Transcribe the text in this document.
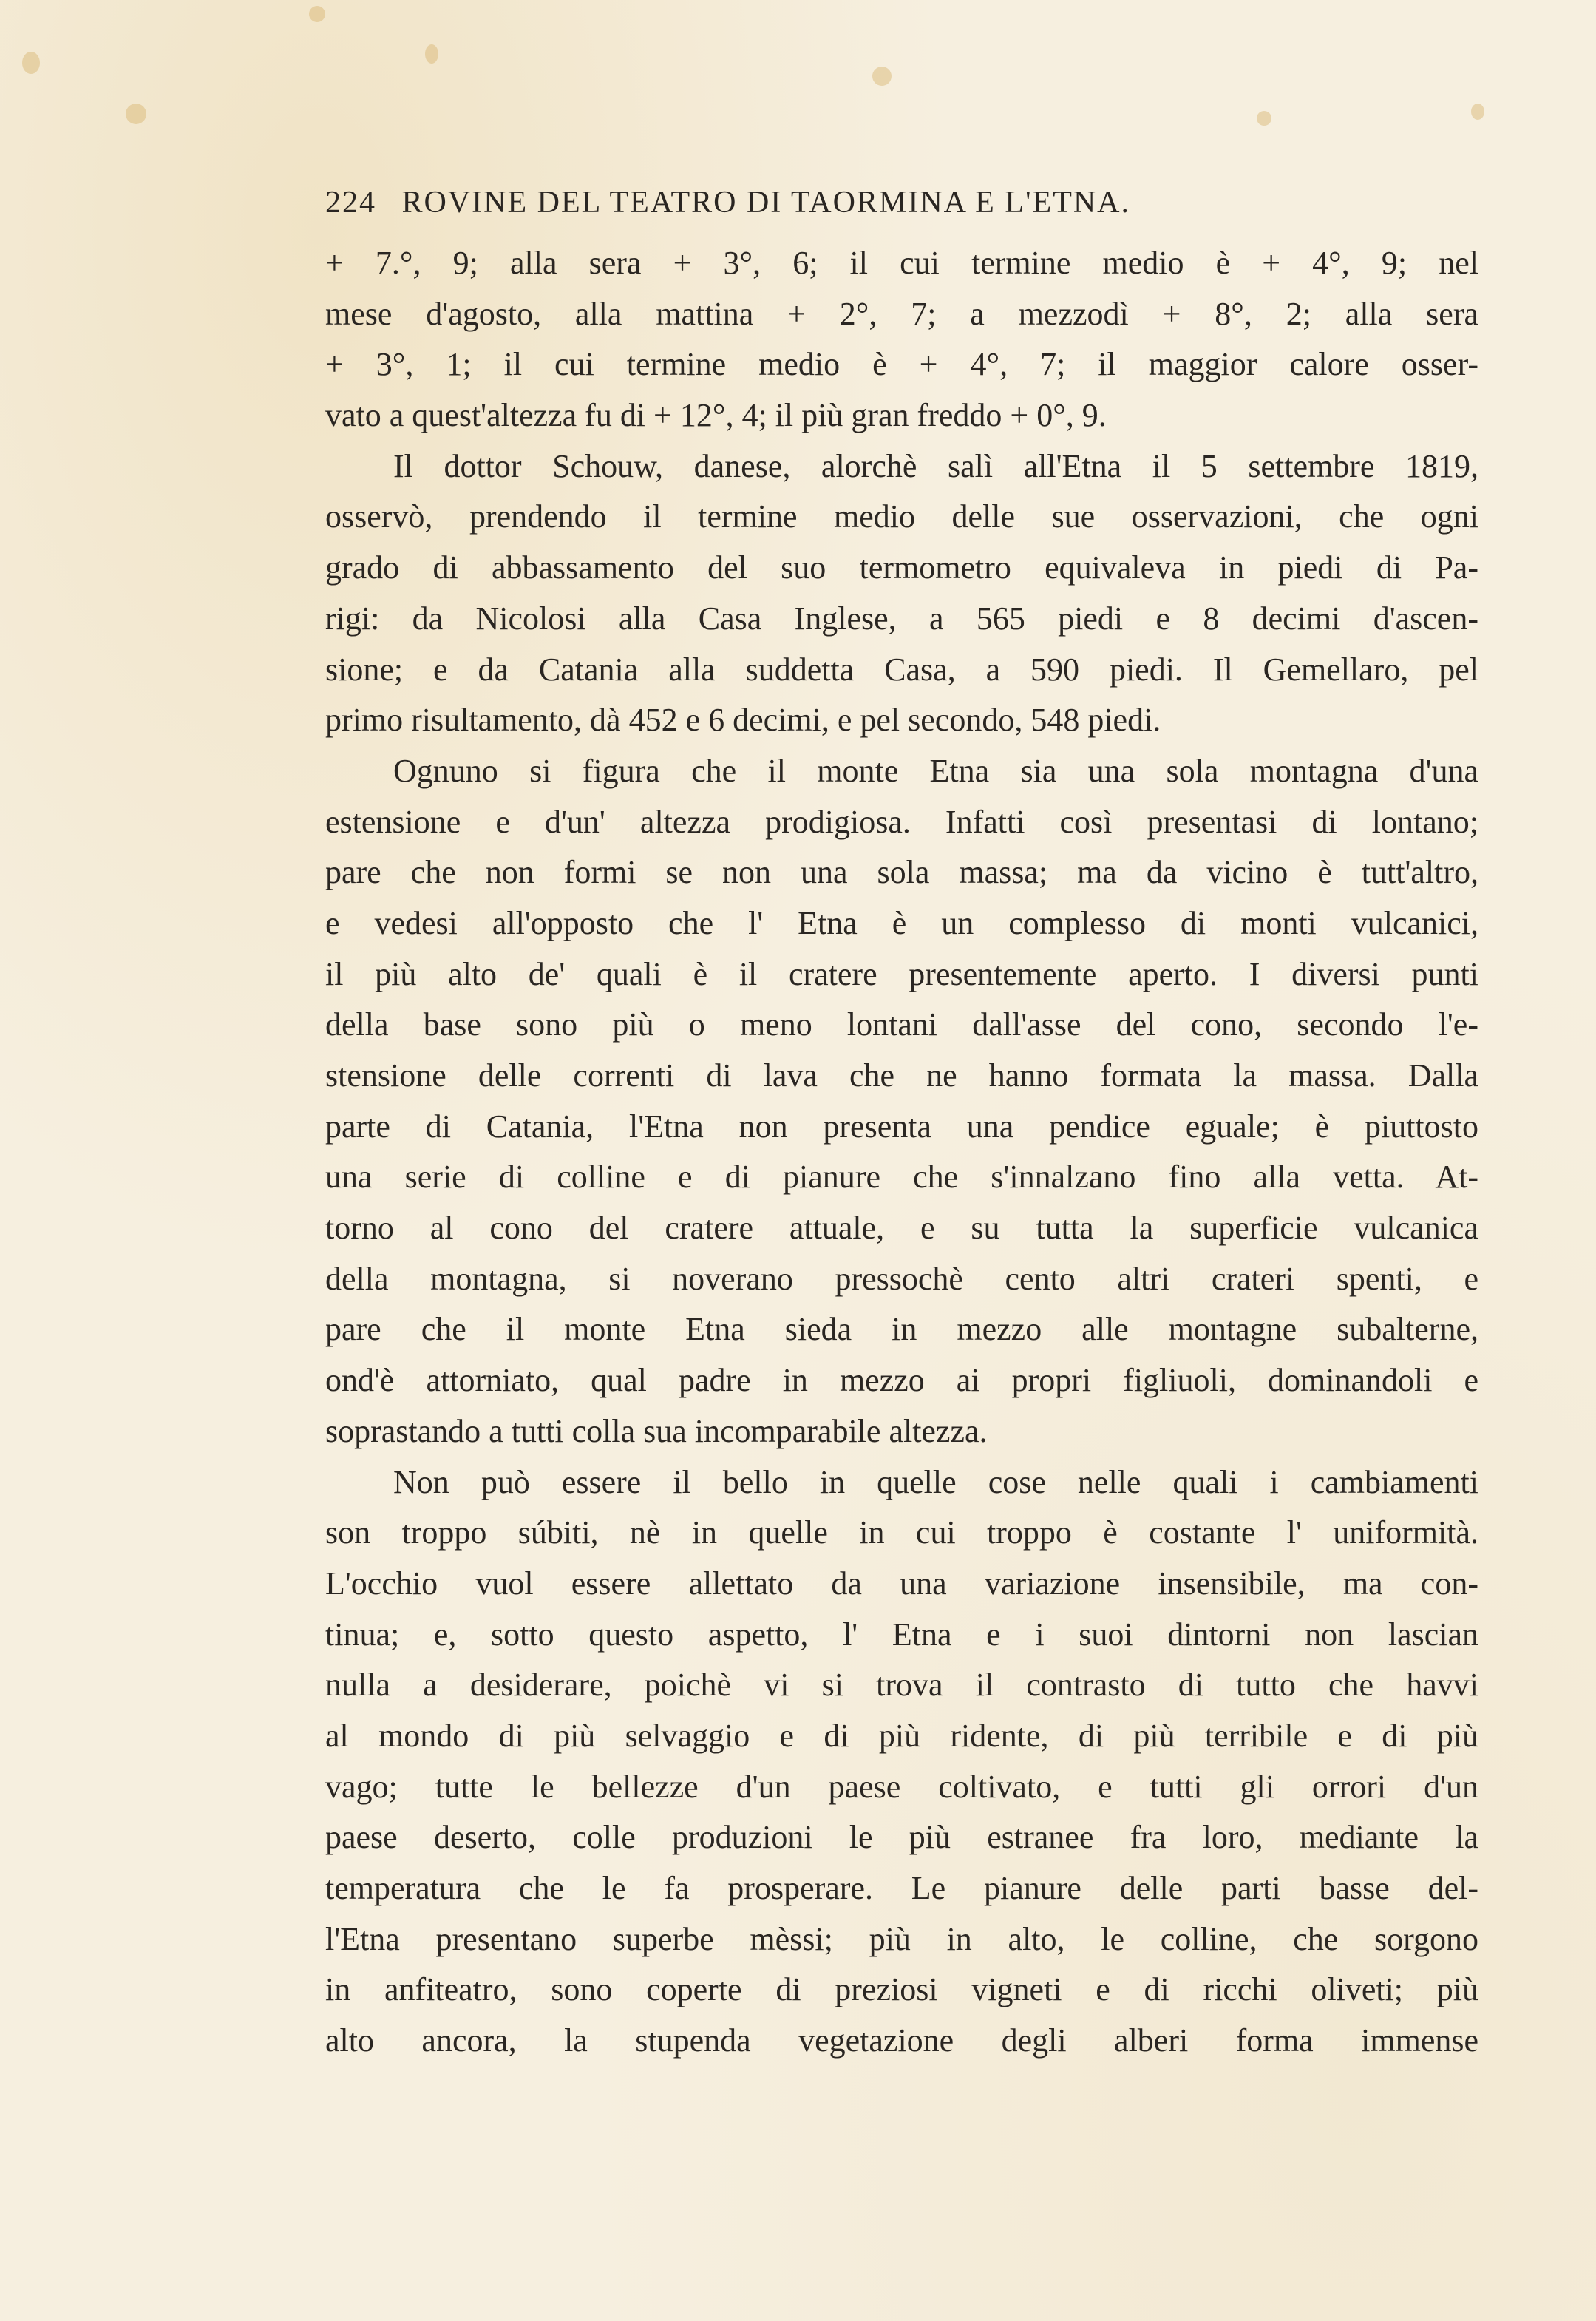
224 ROVINE DEL TEATRO DI TAORMINA E L'ETNA.
+ 7.°, 9; alla sera + 3°, 6; il cui termine medio è + 4°, 9; nel
mese d'agosto, alla mattina + 2°, 7; a mezzodì + 8°, 2; alla sera
+ 3°, 1; il cui termine medio è + 4°, 7; il maggior calore osser-
vato a quest'altezza fu di + 12°, 4; il più gran freddo + 0°, 9.
Il dottor Schouw, danese, alorchè salì all'Etna il 5 settembre 1819,
osservò, prendendo il termine medio delle sue osservazioni, che ogni
grado di abbassamento del suo termometro equivaleva in piedi di Pa-
rigi: da Nicolosi alla Casa Inglese, a 565 piedi e 8 decimi d'ascen-
sione; e da Catania alla suddetta Casa, a 590 piedi. Il Gemellaro, pel
primo risultamento, dà 452 e 6 decimi, e pel secondo, 548 piedi.
Ognuno si figura che il monte Etna sia una sola montagna d'una
estensione e d'un' altezza prodigiosa. Infatti così presentasi di lontano;
pare che non formi se non una sola massa; ma da vicino è tutt'altro,
e vedesi all'opposto che l' Etna è un complesso di monti vulcanici,
il più alto de' quali è il cratere presentemente aperto. I diversi punti
della base sono più o meno lontani dall'asse del cono, secondo l'e-
stensione delle correnti di lava che ne hanno formata la massa. Dalla
parte di Catania, l'Etna non presenta una pendice eguale; è piuttosto
una serie di colline e di pianure che s'innalzano fino alla vetta. At-
torno al cono del cratere attuale, e su tutta la superficie vulcanica
della montagna, si noverano pressochè cento altri crateri spenti, e
pare che il monte Etna sieda in mezzo alle montagne subalterne,
ond'è attorniato, qual padre in mezzo ai propri figliuoli, dominandoli e
soprastando a tutti colla sua incomparabile altezza.
Non può essere il bello in quelle cose nelle quali i cambiamenti
son troppo súbiti, nè in quelle in cui troppo è costante l' uniformità.
L'occhio vuol essere allettato da una variazione insensibile, ma con-
tinua; e, sotto questo aspetto, l' Etna e i suoi dintorni non lascian
nulla a desiderare, poichè vi si trova il contrasto di tutto che havvi
al mondo di più selvaggio e di più ridente, di più terribile e di più
vago; tutte le bellezze d'un paese coltivato, e tutti gli orrori d'un
paese deserto, colle produzioni le più estranee fra loro, mediante la
temperatura che le fa prosperare. Le pianure delle parti basse del-
l'Etna presentano superbe mèssi; più in alto, le colline, che sorgono
in anfiteatro, sono coperte di preziosi vigneti e di ricchi oliveti; più
alto ancora, la stupenda vegetazione degli alberi forma immense
